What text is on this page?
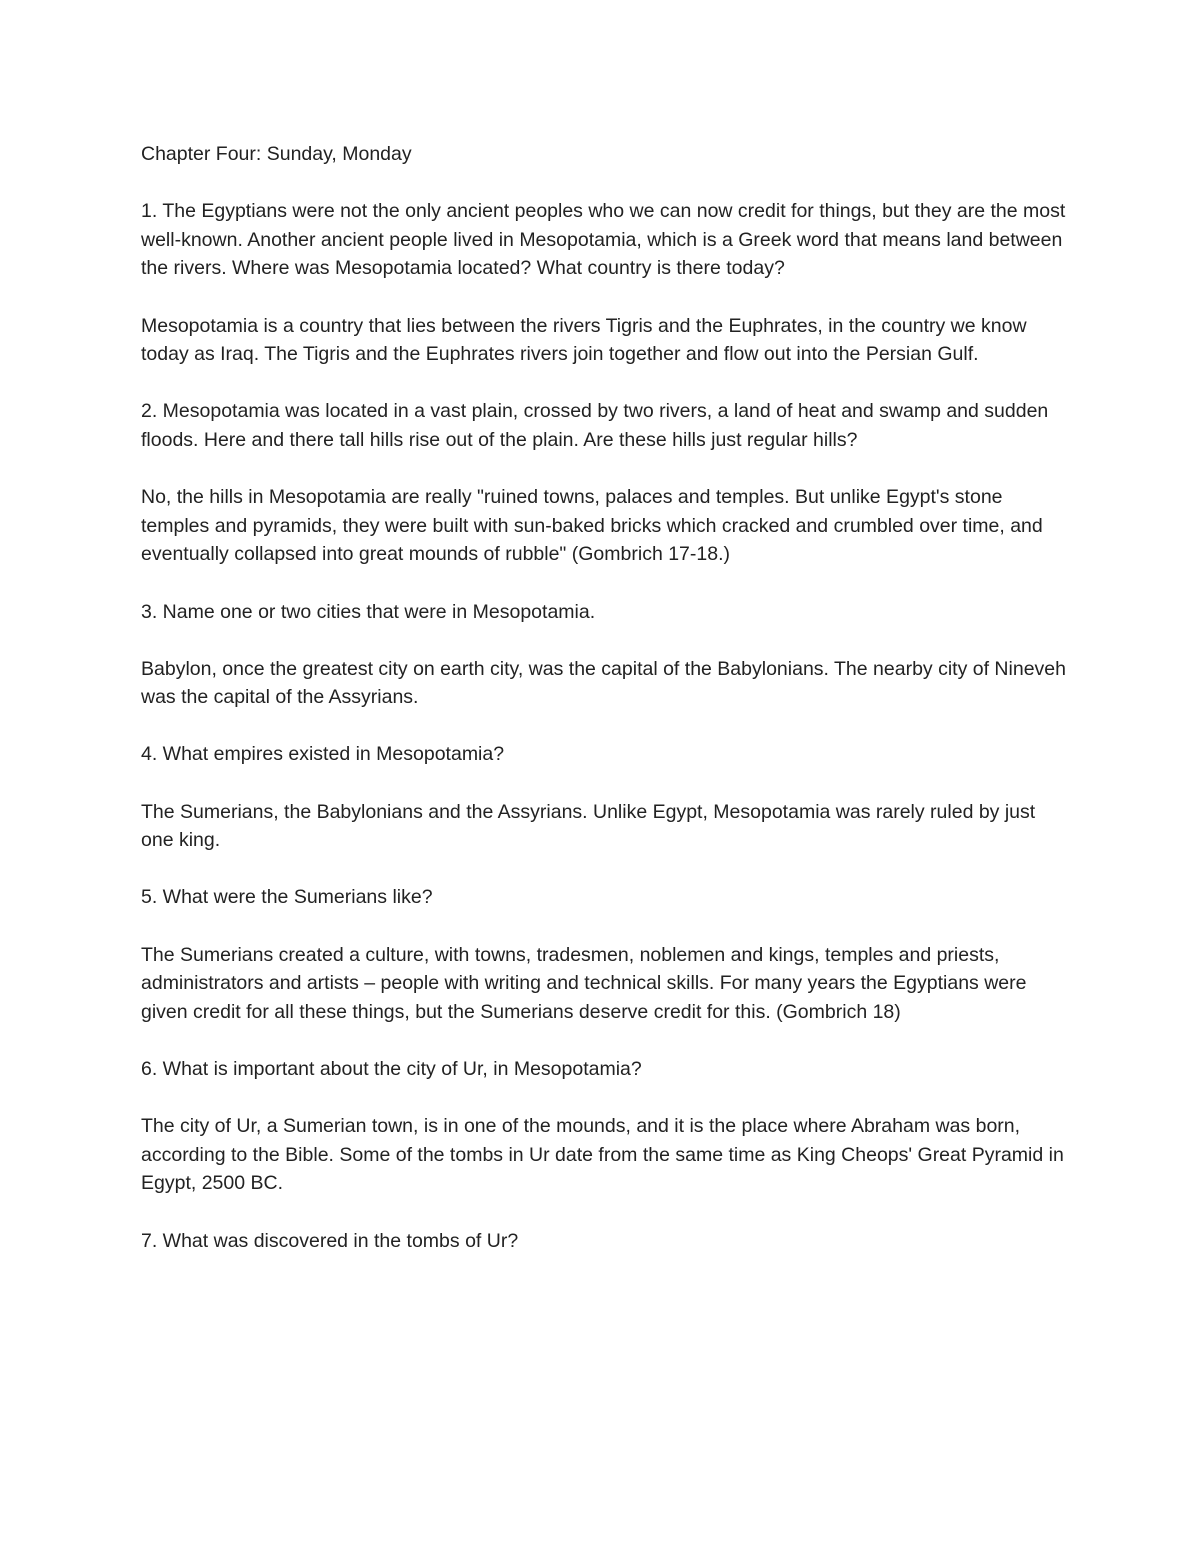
Chapter Four: Sunday, Monday

1. The Egyptians were not the only ancient peoples who we can now credit for things, but they are the most well-known. Another ancient people lived in Mesopotamia, which is a Greek word that means land between the rivers. Where was Mesopotamia located? What country is there today?

Mesopotamia is a country that lies between the rivers Tigris and the Euphrates, in the country we know today as Iraq. The Tigris and the Euphrates rivers join together and flow out into the Persian Gulf.

2. Mesopotamia was located in a vast plain, crossed by two rivers, a land of heat and swamp and sudden floods. Here and there tall hills rise out of the plain. Are these hills just regular hills?

No, the hills in Mesopotamia are really "ruined towns, palaces and temples. But unlike Egypt's stone temples and pyramids, they were built with sun-baked bricks which cracked and crumbled over time, and eventually collapsed into great mounds of rubble" (Gombrich 17-18.)

3. Name one or two cities that were in Mesopotamia.

Babylon, once the greatest city on earth city, was the capital of the Babylonians. The nearby city of Nineveh was the capital of the Assyrians.

4. What empires existed in Mesopotamia?

The Sumerians, the Babylonians and the Assyrians. Unlike Egypt, Mesopotamia was rarely ruled by just one king.

5. What were the Sumerians like?

The Sumerians created a culture, with towns, tradesmen, noblemen and kings, temples and priests, administrators and artists – people with writing and technical skills. For many years the Egyptians were given credit for all these things, but the Sumerians deserve credit for this. (Gombrich 18)

6. What is important about the city of Ur, in Mesopotamia?

The city of Ur, a Sumerian town, is in one of the mounds, and it is the place where Abraham was born, according to the Bible. Some of the tombs in Ur date from the same time as King Cheops' Great Pyramid in Egypt, 2500 BC.

7. What was discovered in the tombs of Ur?
